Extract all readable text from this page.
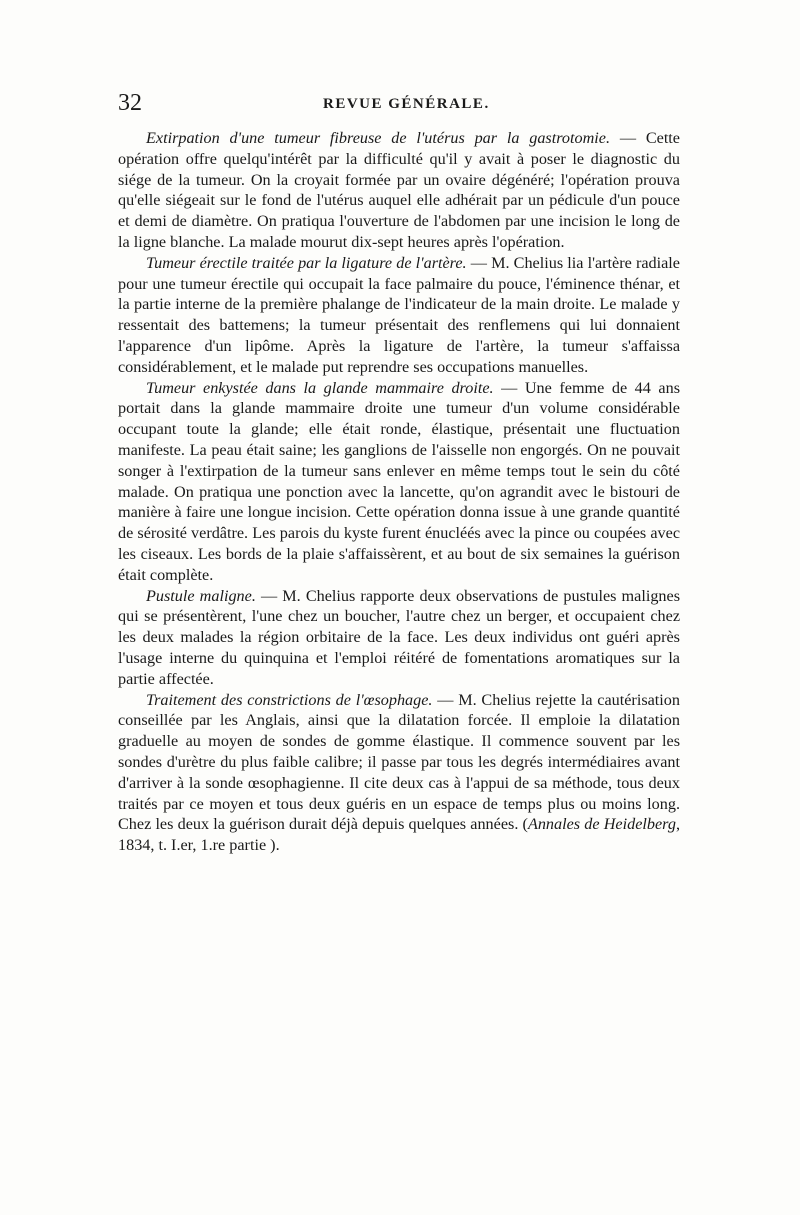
32	REVUE GÉNÉRALE.

Extirpation d'une tumeur fibreuse de l'utérus par la gastrotomie. — Cette opération offre quelqu'intérêt par la difficulté qu'il y avait à poser le diagnostic du siége de la tumeur. On la croyait formée par un ovaire dégénéré; l'opération prouva qu'elle siégeait sur le fond de l'utérus auquel elle adhérait par un pédicule d'un pouce et demi de diamètre. On pratiqua l'ouverture de l'abdomen par une incision le long de la ligne blanche. La malade mourut dix-sept heures après l'opération.

Tumeur érectile traitée par la ligature de l'artère. — M. Chelius lia l'artère radiale pour une tumeur érectile qui occupait la face palmaire du pouce, l'éminence thénar, et la partie interne de la première phalange de l'indicateur de la main droite. Le malade y ressentait des battemens; la tumeur présentait des renflemens qui lui donnaient l'apparence d'un lipôme. Après la ligature de l'artère, la tumeur s'affaissa considérablement, et le malade put reprendre ses occupations manuelles.

Tumeur enkystée dans la glande mammaire droite. — Une femme de 44 ans portait dans la glande mammaire droite une tumeur d'un volume considérable occupant toute la glande; elle était ronde, élastique, présentait une fluctuation manifeste. La peau était saine; les ganglions de l'aisselle non engorgés. On ne pouvait songer à l'extirpation de la tumeur sans enlever en même temps tout le sein du côté malade. On pratiqua une ponction avec la lancette, qu'on agrandit avec le bistouri de manière à faire une longue incision. Cette opération donna issue à une grande quantité de sérosité verdâtre. Les parois du kyste furent énucléés avec la pince ou coupées avec les ciseaux. Les bords de la plaie s'affaissèrent, et au bout de six semaines la guérison était complète.

Pustule maligne. — M. Chelius rapporte deux observations de pustules malignes qui se présentèrent, l'une chez un boucher, l'autre chez un berger, et occupaient chez les deux malades la région orbitaire de la face. Les deux individus ont guéri après l'usage interne du quinquina et l'emploi réitéré de fomentations aromatiques sur la partie affectée.

Traitement des constrictions de l'œsophage. — M. Chelius rejette la cautérisation conseillée par les Anglais, ainsi que la dilatation forcée. Il emploie la dilatation graduelle au moyen de sondes de gomme élastique. Il commence souvent par les sondes d'urètre du plus faible calibre; il passe par tous les degrés intermédiaires avant d'arriver à la sonde œsophagienne. Il cite deux cas à l'appui de sa méthode, tous deux traités par ce moyen et tous deux guéris en un espace de temps plus ou moins long. Chez les deux la guérison durait déjà depuis quelques années. (Annales de Heidelberg, 1834, t. I.er, 1.re partie ).
